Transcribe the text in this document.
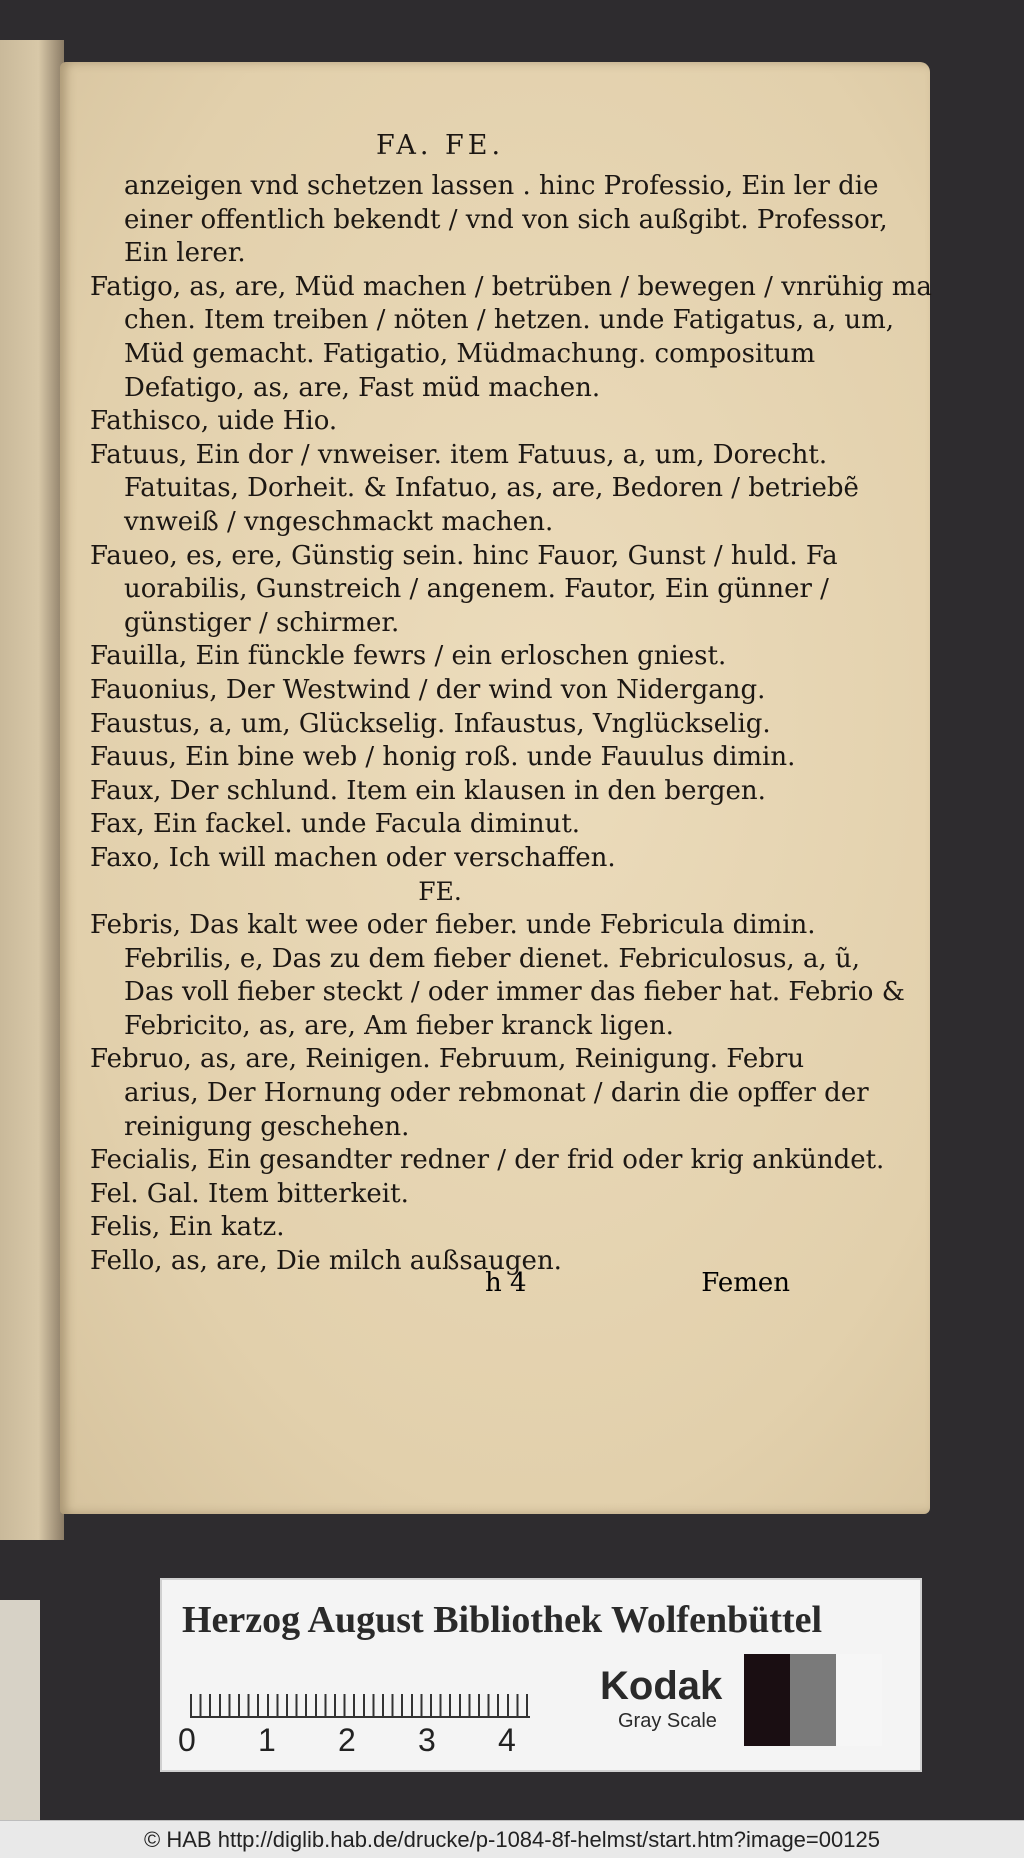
FA. FE.
anzeigen vnd schetzen lassen . hinc Professio, Ein ler die
einer offentlich bekendt / vnd von sich außgibt. Professor,
Ein lerer.
Fatigo, as, are, Müd machen / betrüben / bewegen / vnrühig ma
chen. Item treiben / nöten / hetzen. unde Fatigatus, a, um,
Müd gemacht. Fatigatio, Müdmachung. compositum
Defatigo, as, are, Fast müd machen.
Fathisco, uide Hio.
Fatuus, Ein dor / vnweiser. item Fatuus, a, um, Dorecht.
Fatuitas, Dorheit. & Infatuo, as, are, Bedoren / betriebẽ
vnweiß / vngeschmackt machen.
Faueo, es, ere, Günstig sein. hinc Fauor, Gunst / huld. Fa
uorabilis, Gunstreich / angenem. Fautor, Ein günner /
günstiger / schirmer.
Fauilla, Ein fünckle fewrs / ein erloschen gniest.
Fauonius, Der Westwind / der wind von Nidergang.
Faustus, a, um, Glückselig. Infaustus, Vnglückselig.
Fauus, Ein bine web / honig roß. unde Fauulus dimin.
Faux, Der schlund. Item ein klausen in den bergen.
Fax, Ein fackel. unde Facula diminut.
Faxo, Ich will machen oder verschaffen.
FE.
Febris, Das kalt wee oder fieber. unde Febricula dimin.
Febrilis, e, Das zu dem fieber dienet. Febriculosus, a, ũ,
Das voll fieber steckt / oder immer das fieber hat. Febrio &
Febricito, as, are, Am fieber kranck ligen.
Februo, as, are, Reinigen. Februum, Reinigung. Febru
arius, Der Hornung oder rebmonat / darin die opffer der
reinigung geschehen.
Fecialis, Ein gesandter redner / der frid oder krig ankündet.
Fel. Gal. Item bitterkeit.
Felis, Ein katz.
Fello, as, are, Die milch außsaugen.
h 4	Femen
Herzog August Bibliothek Wolfenbüttel
0 1 2 3 4
Kodak
Gray Scale
© HAB http://diglib.hab.de/drucke/p-1084-8f-helmst/start.htm?image=00125
